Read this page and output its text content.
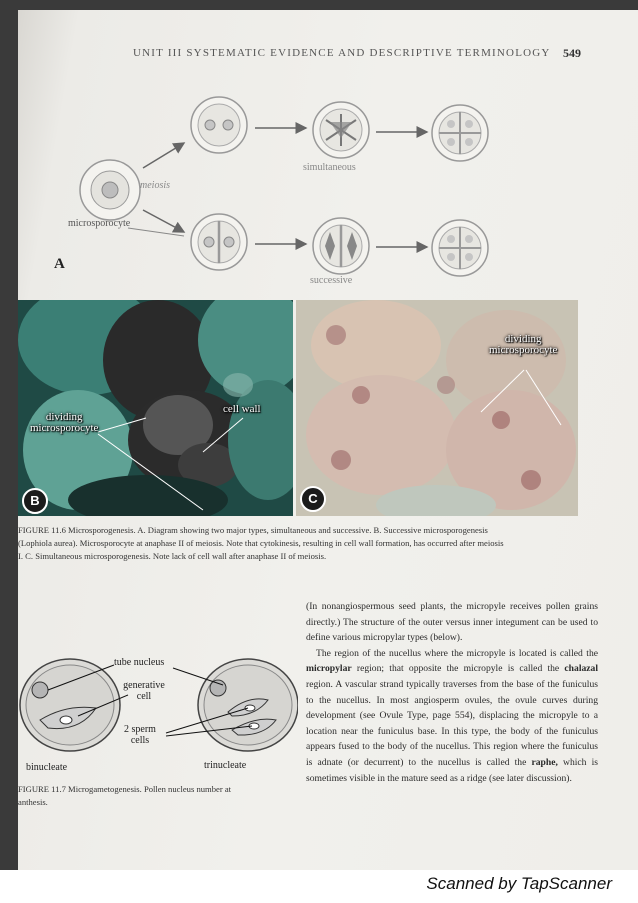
UNIT III SYSTEMATIC EVIDENCE AND DESCRIPTIVE TERMINOLOGY 549
meiosis
microsporocyte
simultaneous
successive
A
dividing
microsporocyte
cell wall
B
dividing
microsporocyte
C
FIGURE 11.6 Microsporogenesis. A. Diagram showing two major types, simultaneous and successive. B. Successive microsporogenesis
(Lophiola aurea). Microsporocyte at anaphase II of meiosis. Note that cytokinesis, resulting in cell wall formation, has occurred after meiosis
I. C. Simultaneous microsporogenesis. Note lack of cell wall after anaphase II of meiosis.
tube nucleus
generative
cell
2 sperm
cells
binucleate	trinucleate
FIGURE 11.7 Microgametogenesis. Pollen nucleus number at
anthesis.

(In nonangiospermous seed plants, the micropyle receives pollen grains directly.) The structure of the outer versus inner integument can be used to define various micropylar types (below).

The region of the nucellus where the micropyle is located is called the micropylar region; that opposite the micropyle is called the chalazal region. A vascular strand typically traverses from the base of the funiculus to the nucellus. In most angiosperm ovules, the ovule curves during development (see Ovule Type, page 554), displacing the micropyle to a location near the funiculus base. In this type, the body of the funiculus appears fused to the body of the nucellus. This region where the funiculus is adnate (or decurrent) to the nucellus is called the raphe, which is sometimes visible in the mature seed as a ridge (see later discussion).

Scanned by TapScanner
